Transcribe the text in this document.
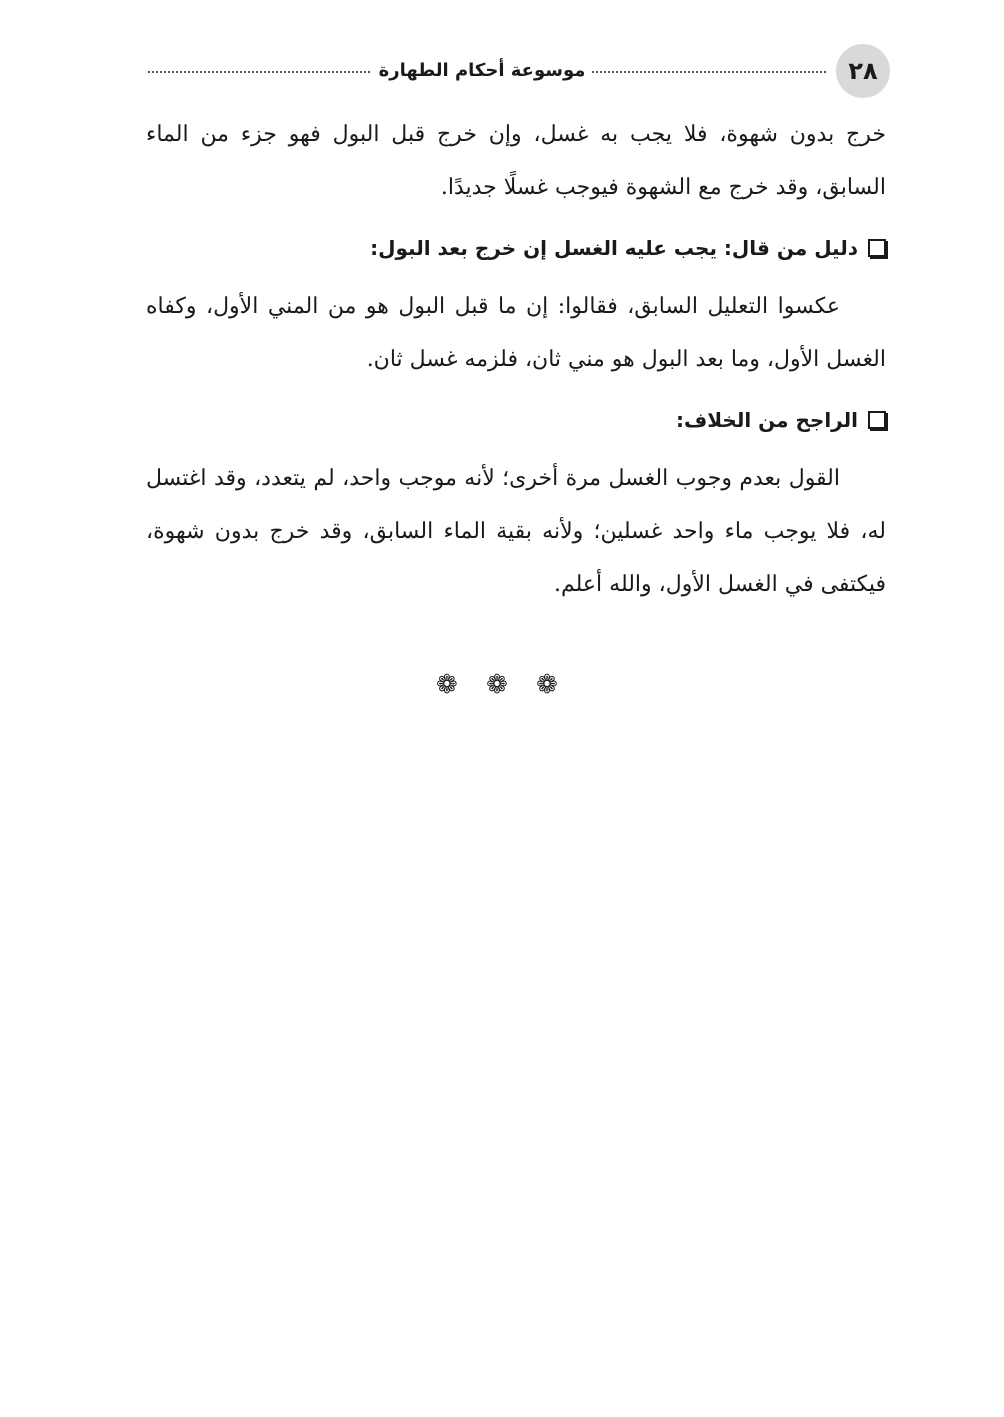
٢٨
موسوعة أحكام الطهارة

خرج بدون شهوة، فلا يجب به غسل، وإن خرج قبل البول فهو جزء من الماء السابق، وقد خرج مع الشهوة فيوجب غسلًا جديدًا.

دليل من قال: يجب عليه الغسل إن خرج بعد البول:

عكسوا التعليل السابق، فقالوا: إن ما قبل البول هو من المني الأول، وكفاه الغسل الأول، وما بعد البول هو مني ثان، فلزمه غسل ثان.

الراجح من الخلاف:

القول بعدم وجوب الغسل مرة أخرى؛ لأنه موجب واحد، لم يتعدد، وقد اغتسل له، فلا يوجب ماء واحد غسلين؛ ولأنه بقية الماء السابق، وقد خرج بدون شهوة، فيكتفى في الغسل الأول، والله أعلم.

❁ ❁ ❁
